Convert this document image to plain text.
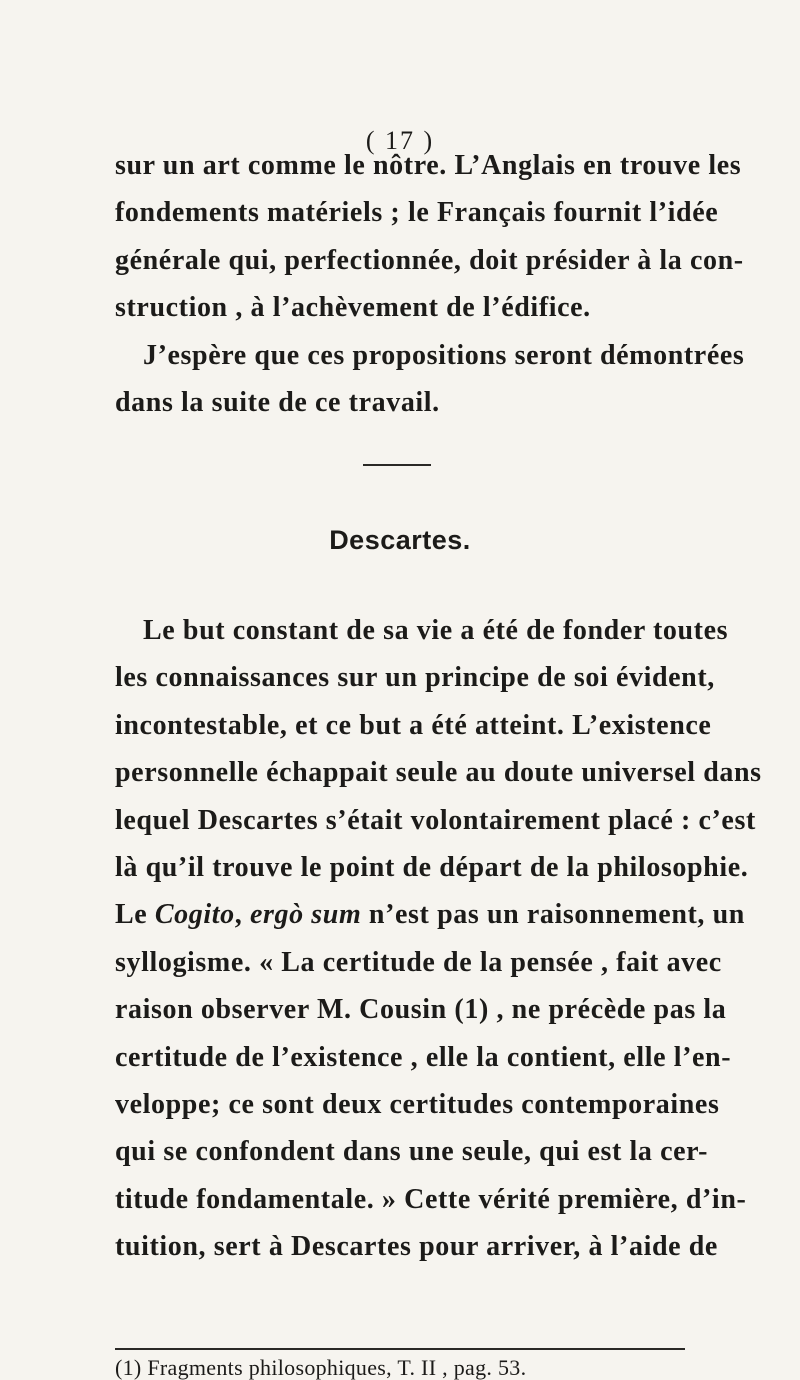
( 17 )
sur un art comme le nôtre. L’Anglais en trouve les
fondements matériels ; le Français fournit l’idée
générale qui, perfectionnée, doit présider à la con-
struction , à l’achèvement de l’édifice.
J’espère que ces propositions seront démontrées
dans la suite de ce travail.
Descartes.
Le but constant de sa vie a été de fonder toutes
les connaissances sur un principe de soi évident,
incontestable, et ce but a été atteint. L’existence
personnelle échappait seule au doute universel dans
lequel Descartes s’était volontairement placé : c’est
là qu’il trouve le point de départ de la philosophie.
Le Cogito, ergò sum n’est pas un raisonnement, un
syllogisme. « La certitude de la pensée , fait avec
raison observer M. Cousin (1) , ne précède pas la
certitude de l’existence , elle la contient, elle l’en-
veloppe; ce sont deux certitudes contemporaines
qui se confondent dans une seule, qui est la cer-
titude fondamentale. » Cette vérité première, d’in-
tuition, sert à Descartes pour arriver, à l’aide de
(1) Fragments philosophiques, T. II , pag. 53.
